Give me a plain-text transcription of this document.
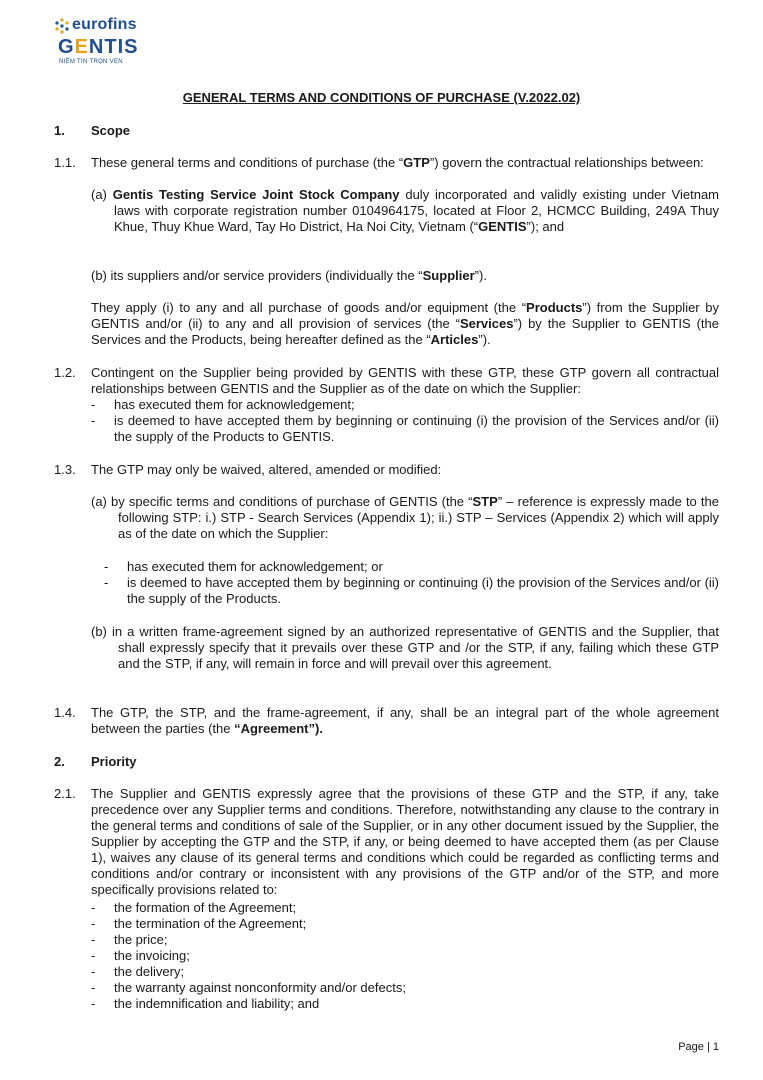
eurofins
GENTIS
NIỀM TIN TRỌN VẸN
GENERAL TERMS AND CONDITIONS OF PURCHASE (V.2022.02)
1. Scope
1.1. These general terms and conditions of purchase (the “GTP”) govern the contractual relationships between:
(a) Gentis Testing Service Joint Stock Company duly incorporated and validly existing under Vietnam laws with corporate registration number 0104964175, located at Floor 2, HCMCC Building, 249A Thuy Khue, Thuy Khue Ward, Tay Ho District, Ha Noi City, Vietnam (“GENTIS”); and
(b) its suppliers and/or service providers (individually the “Supplier”).
They apply (i) to any and all purchase of goods and/or equipment (the “Products”) from the Supplier by GENTIS and/or (ii) to any and all provision of services (the “Services”) by the Supplier to GENTIS (the Services and the Products, being hereafter defined as the “Articles”).
1.2. Contingent on the Supplier being provided by GENTIS with these GTP, these GTP govern all contractual relationships between GENTIS and the Supplier as of the date on which the Supplier:
- has executed them for acknowledgement;
- is deemed to have accepted them by beginning or continuing (i) the provision of the Services and/or (ii) the supply of the Products to GENTIS.
1.3. The GTP may only be waived, altered, amended or modified:
(a) by specific terms and conditions of purchase of GENTIS (the “STP” – reference is expressly made to the following STP: i.) STP - Search Services (Appendix 1); ii.) STP – Services (Appendix 2) which will apply as of the date on which the Supplier:
- has executed them for acknowledgement; or
- is deemed to have accepted them by beginning or continuing (i) the provision of the Services and/or (ii) the supply of the Products.
(b) in a written frame-agreement signed by an authorized representative of GENTIS and the Supplier, that shall expressly specify that it prevails over these GTP and /or the STP, if any, failing which these GTP and the STP, if any, will remain in force and will prevail over this agreement.
1.4. The GTP, the STP, and the frame-agreement, if any, shall be an integral part of the whole agreement between the parties (the “Agreement”).
2. Priority
2.1. The Supplier and GENTIS expressly agree that the provisions of these GTP and the STP, if any, take precedence over any Supplier terms and conditions. Therefore, notwithstanding any clause to the contrary in the general terms and conditions of sale of the Supplier, or in any other document issued by the Supplier, the Supplier by accepting the GTP and the STP, if any, or being deemed to have accepted them (as per Clause 1), waives any clause of its general terms and conditions which could be regarded as conflicting terms and conditions and/or contrary or inconsistent with any provisions of the GTP and/or of the STP, and more specifically provisions related to:
- the formation of the Agreement;
- the termination of the Agreement;
- the price;
- the invoicing;
- the delivery;
- the warranty against nonconformity and/or defects;
- the indemnification and liability; and
Page | 1
